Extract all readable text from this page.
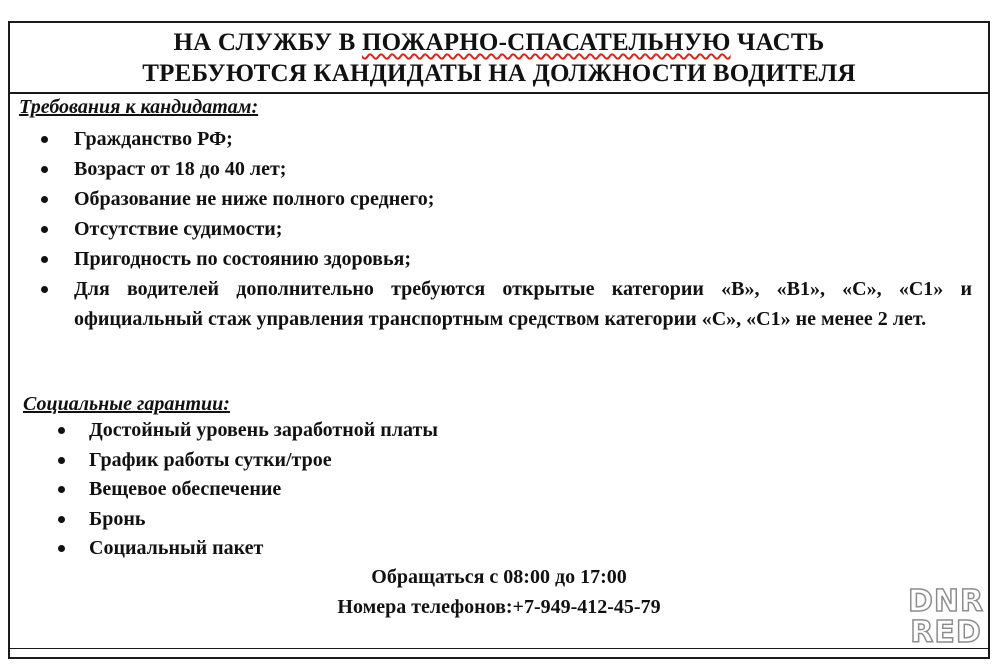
НА СЛУЖБУ В ПОЖАРНО-СПАСАТЕЛЬНУЮ ЧАСТЬ
ТРЕБУЮТСЯ КАНДИДАТЫ НА ДОЛЖНОСТИ ВОДИТЕЛЯ
Требования к кандидатам:
Гражданство РФ;
Возраст от 18 до 40 лет;
Образование не ниже полного среднего;
Отсутствие судимости;
Пригодность по состоянию здоровья;
Для водителей дополнительно требуются открытые категории «В», «В1», «С», «С1» и официальный стаж управления транспортным средством категории «С», «С1» не менее 2 лет.
Социальные гарантии:
Достойный уровень заработной платы
График работы сутки/трое
Вещевое обеспечение
Бронь
Социальный пакет
Обращаться с 08:00 до 17:00
Номера телефонов:+7-949-412-45-79	DNR
RED
